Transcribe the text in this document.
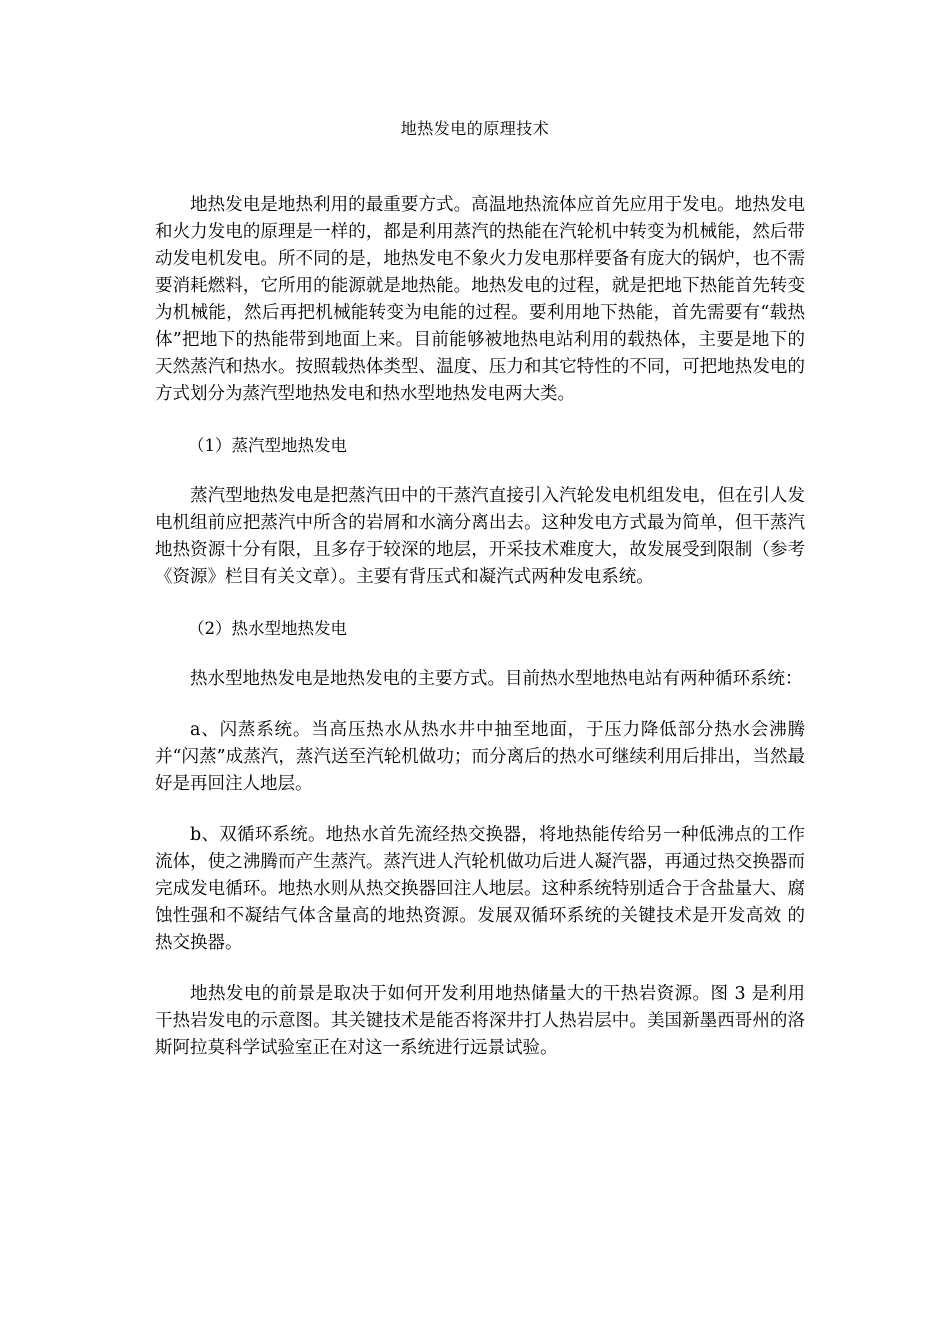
地热发电的原理技术

地热发电是地热利用的最重要方式。高温地热流体应首先应用于发电。地热发电和火力发电的原理是一样的，都是利用蒸汽的热能在汽轮机中转变为机械能，然后带动发电机发电。所不同的是，地热发电不象火力发电那样要备有庞大的锅炉，也不需要消耗燃料，它所用的能源就是地热能。地热发电的过程，就是把地下热能首先转变为机械能，然后再把机械能转变为电能的过程。要利用地下热能，首先需要有“载热体”把地下的热能带到地面上来。目前能够被地热电站利用的载热体，主要是地下的天然蒸汽和热水。按照载热体类型、温度、压力和其它特性的不同，可把地热发电的方式划分为蒸汽型地热发电和热水型地热发电两大类。

（1）蒸汽型地热发电

蒸汽型地热发电是把蒸汽田中的干蒸汽直接引入汽轮发电机组发电，但在引人发电机组前应把蒸汽中所含的岩屑和水滴分离出去。这种发电方式最为简单，但干蒸汽地热资源十分有限，且多存于较深的地层，开采技术难度大，故发展受到限制（参考《资源》栏目有关文章）。主要有背压式和凝汽式两种发电系统。

（2）热水型地热发电

热水型地热发电是地热发电的主要方式。目前热水型地热电站有两种循环系统：

a、闪蒸系统。当高压热水从热水井中抽至地面，于压力降低部分热水会沸腾并“闪蒸”成蒸汽，蒸汽送至汽轮机做功；而分离后的热水可继续利用后排出，当然最好是再回注人地层。

b、双循环系统。地热水首先流经热交换器，将地热能传给另一种低沸点的工作流体，使之沸腾而产生蒸汽。蒸汽进人汽轮机做功后进人凝汽器，再通过热交换器而完成发电循环。地热水则从热交换器回注人地层。这种系统特别适合于含盐量大、腐蚀性强和不凝结气体含量高的地热资源。发展双循环系统的关键技术是开发高效 的热交换器。

地热发电的前景是取决于如何开发利用地热储量大的干热岩资源。图 3 是利用干热岩发电的示意图。其关键技术是能否将深井打人热岩层中。美国新墨西哥州的洛斯阿拉莫科学试验室正在对这一系统进行远景试验。
